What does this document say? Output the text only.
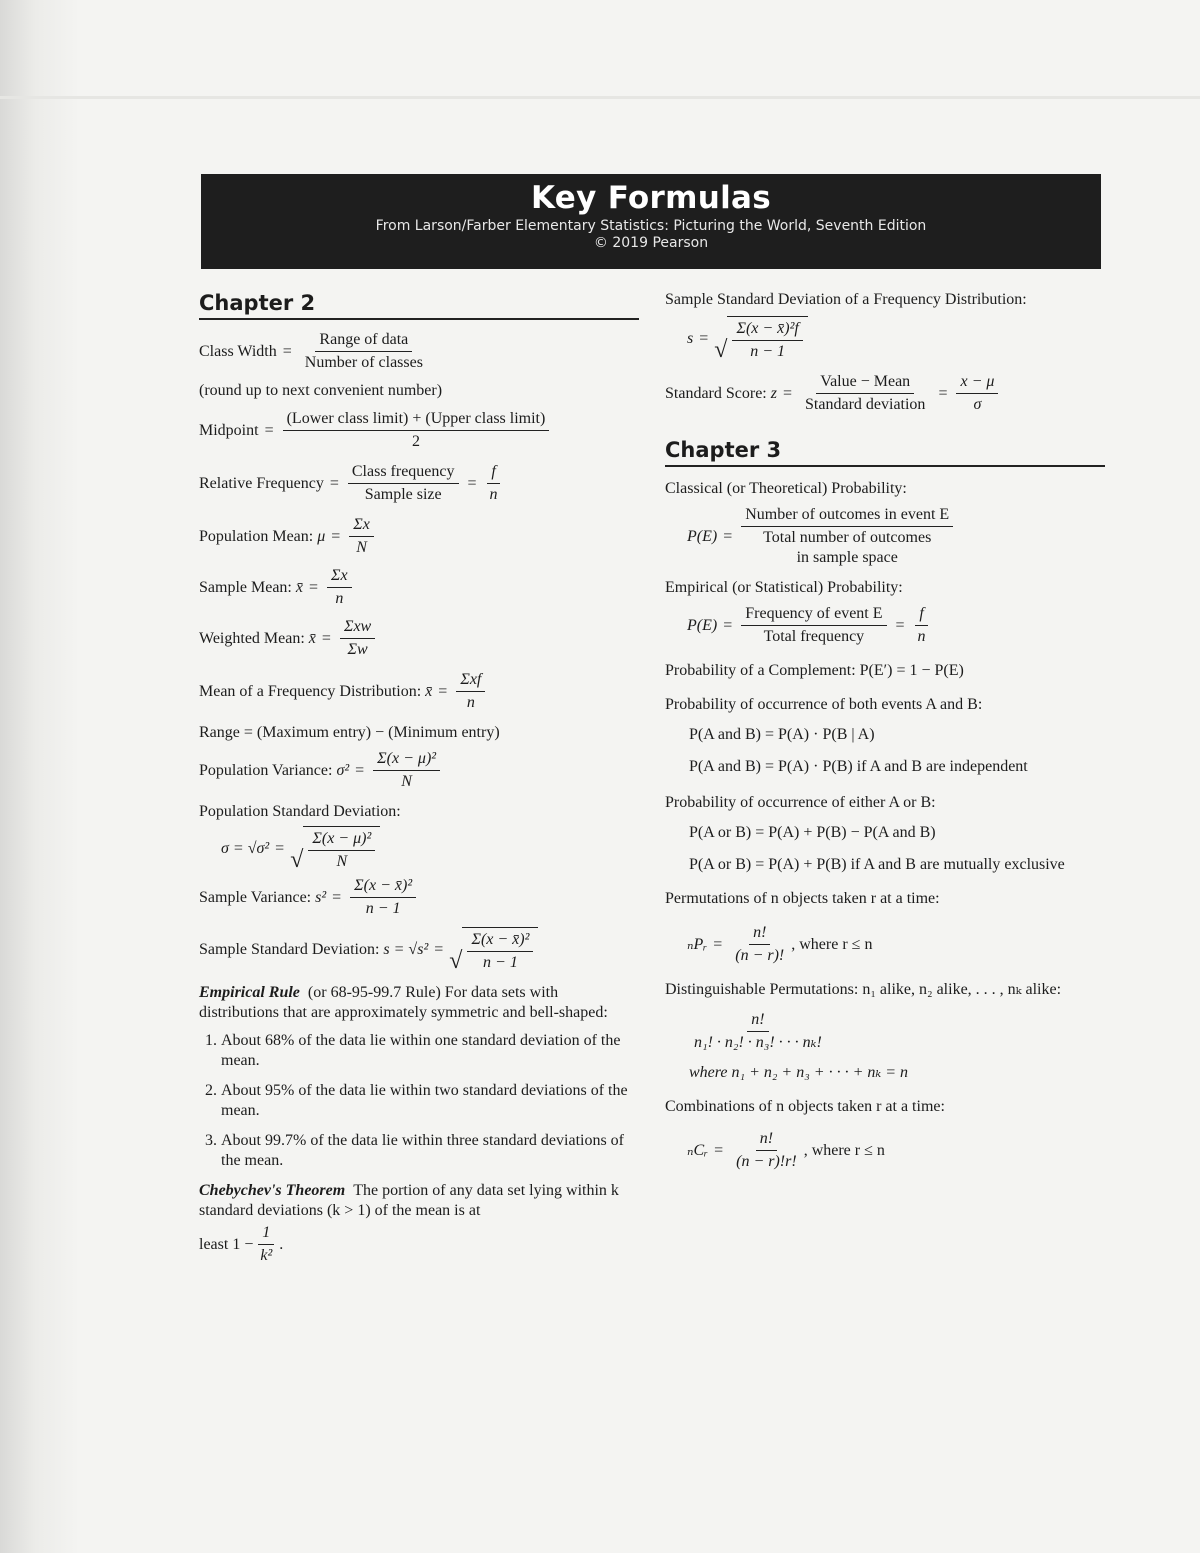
Key Formulas
From Larson/Farber Elementary Statistics: Picturing the World, Seventh Edition
© 2019 Pearson
Chapter 2
Class Width = $\frac{\text{Range of data}}{\text{Number of classes}}$
(round up to next convenient number)
Midpoint = $\frac{\text{(Lower class limit) + (Upper class limit)}}{2}$
Relative Frequency = $\frac{\text{Class frequency}}{\text{Sample size}} = \frac{f}{n}$
Population Mean:
$\mu = \frac{\Sigma x}{N}$
Sample Mean:
x̄ = $\frac{\Sigma x}{n}$
Weighted Mean:
x̄ = $\frac{\text{Σxw}}{\Sigma w}$
Mean of a Frequency Distribution:
x̄ = $\frac{\text{Σxf}}{n}$
Range = (Maximum entry) − (Minimum entry)
Population Variance:
$\sigma^2 = \frac{\text{Σ(x − μ)²}}{N}$
Population Standard Deviation:
σ = √σ² = √ $\frac{\text{Σ(x − μ)²}}{N}$
Sample Variance:
$s^2 = \frac{\text{Σ(x − x̄)²}}{n - 1}$
Sample Standard Deviation:
s = √s² = √ $\frac{\text{Σ(x − x̄)²}}{n - 1}$
Empirical Rule (or 68-95-99.7 Rule) For data sets with distributions that are approximately symmetric and bell-shaped:
1. About 68% of the data lie within one standard deviation of the mean.
2. About 95% of the data lie within two standard deviations of the mean.
3. About 99.7% of the data lie within three standard deviations of the mean.
Chebychev's Theorem The portion of any data set lying within k standard deviations (k > 1) of the mean is at
least $1 - \frac{1}{\text{k²}}$ .
Sample Standard Deviation of a Frequency Distribution:
s = √ $\frac{\text{Σ(x − x̄)²f}}{n - 1}$
Standard Score:
$z = \frac{\text{Value − Mean}}{\text{Standard deviation}} = \frac{x - \mu}{\sigma}$
Chapter 3
Classical (or Theoretical) Probability:
P(E) =
Number of outcomes in event E
Total number of outcomes
in sample space
Empirical (or Statistical) Probability:
$P(E) = \frac{\text{Frequency of event E}}{\text{Total frequency}} = \frac{f}{n}$
Probability of a Complement: P(E′) = 1 − P(E)
Probability of occurrence of both events A and B:
P(A and B) = P(A) · P(B | A)
P(A and B) = P(A) · P(B) if A and B are independent
Probability of occurrence of either A or B:
P(A or B) = P(A) + P(B) − P(A and B)
P(A or B) = P(A) + P(B) if A and B are mutually exclusive
Permutations of n objects taken r at a time:
ₙPᵣ = $\frac{n!}{(n - r)!}$ , where r ≤ n
Distinguishable Permutations: n₁ alike, n₂ alike, . . . , nₖ alike:
$\frac{n!}{\text{n₁! · n₂! · n₃! · · · nₖ!}}$
where n₁ + n₂ + n₃ + · · · + nₖ = n
Combinations of n objects taken r at a time:
ₙCᵣ = $\frac{n!}{(n - r)!r!}$ , where r ≤ n
